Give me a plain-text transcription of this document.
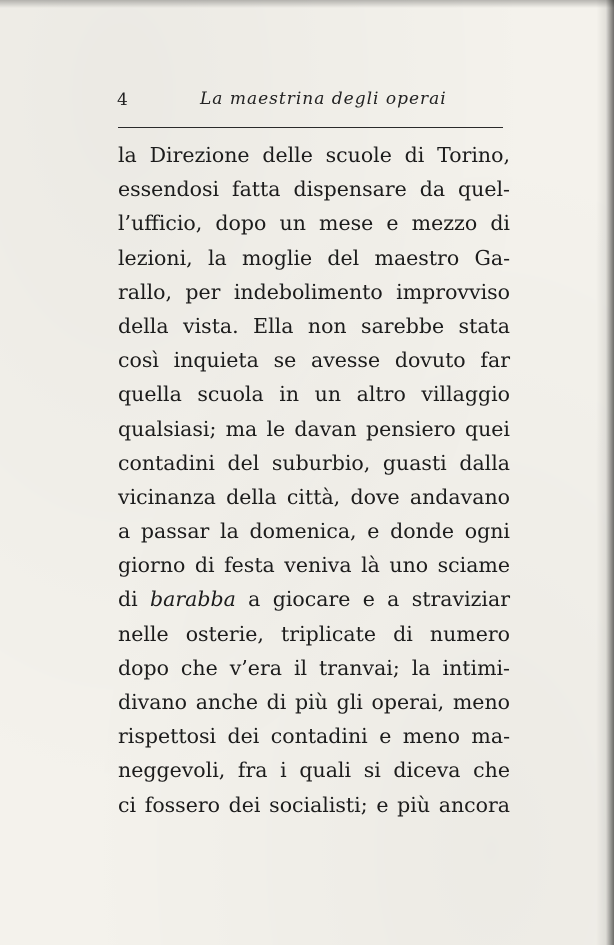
4	La maestrina degli operai
la Direzione delle scuole di Torino,
essendosi fatta dispensare da quel-
l’ufficio, dopo un mese e mezzo di
lezioni, la moglie del maestro Ga-
rallo, per indebolimento improvviso
della vista. Ella non sarebbe stata
così inquieta se avesse dovuto far
quella scuola in un altro villaggio
qualsiasi; ma le davan pensiero quei
contadini del suburbio, guasti dalla
vicinanza della città, dove andavano
a passar la domenica, e donde ogni
giorno di festa veniva là uno sciame
di barabba a giocare e a straviziar
nelle osterie, triplicate di numero
dopo che v’era il tranvai; la intimi-
divano anche di più gli operai, meno
rispettosi dei contadini e meno ma-
neggevoli, fra i quali si diceva che
ci fossero dei socialisti; e più ancora
